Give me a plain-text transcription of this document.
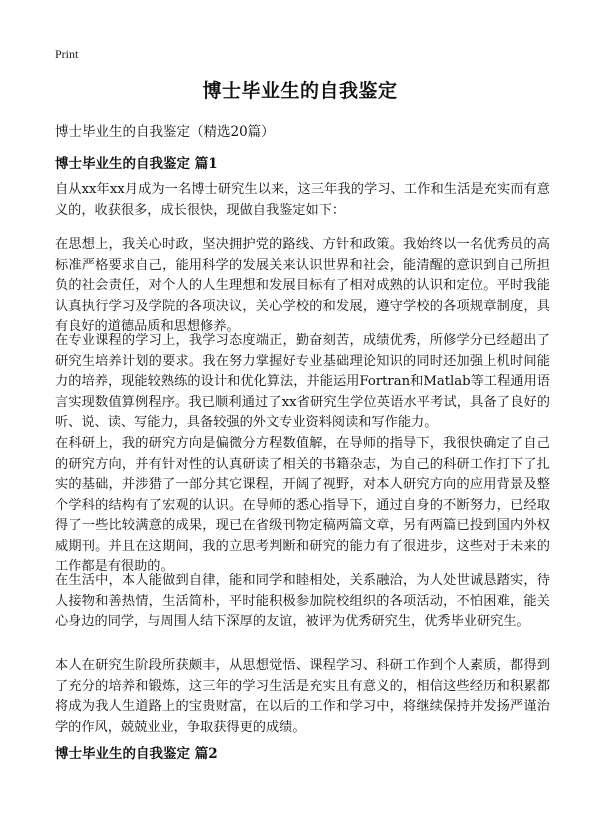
Print
博士毕业生的自我鉴定
博士毕业生的自我鉴定（精选20篇）
博士毕业生的自我鉴定 篇1
自从xx年xx月成为一名博士研究生以来，这三年我的学习、工作和生活是充实而有意义的，收获很多，成长很快，现做自我鉴定如下：
在思想上，我关心时政，坚决拥护党的路线、方针和政策。我始终以一名优秀员的高标准严格要求自己，能用科学的发展关来认识世界和社会，能清醒的意识到自己所担负的社会责任，对个人的人生理想和发展目标有了相对成熟的认识和定位。平时我能认真执行学习及学院的各项决议，关心学校的和发展，遵守学校的各项规章制度，具有良好的道德品质和思想修养。
在专业课程的学习上，我学习态度端正，勤奋刻苦，成绩优秀，所修学分已经超出了研究生培养计划的要求。我在努力掌握好专业基础理论知识的同时还加强上机时间能力的培养，现能较熟练的设计和优化算法，并能运用Fortran和Matlab等工程通用语言实现数值算例程序。我已顺利通过了xx省研究生学位英语水平考试，具备了良好的听、说、读、写能力，具备较强的外文专业资料阅读和写作能力。
在科研上，我的研究方向是偏微分方程数值解，在导师的指导下，我很快确定了自己的研究方向，并有针对性的认真研读了相关的书籍杂志，为自己的科研工作打下了扎实的基础，并涉猎了一部分其它课程，开阔了视野，对本人研究方向的应用背景及整个学科的结构有了宏观的认识。在导师的悉心指导下，通过自身的不断努力，已经取得了一些比较满意的成果，现已在省级刊物定稿两篇文章，另有两篇已投到国内外权威期刊。并且在这期间，我的立思考判断和研究的能力有了很进步，这些对于未来的工作都是有很助的。
在生活中，本人能做到自律，能和同学和睦相处，关系融洽，为人处世诚恳踏实，待人接物和善热情，生活简朴，平时能积极参加院校组织的各项活动，不怕困难，能关心身边的同学，与周围人结下深厚的友谊，被评为优秀研究生，优秀毕业研究生。
本人在研究生阶段所获颇丰，从思想觉悟、课程学习、科研工作到个人素质，都得到了充分的培养和锻炼，这三年的学习生活是充实且有意义的，相信这些经历和积累都将成为我人生道路上的宝贵财富，在以后的工作和学习中，将继续保持并发扬严谨治学的作风，兢兢业业，争取获得更的成绩。
博士毕业生的自我鉴定 篇2
